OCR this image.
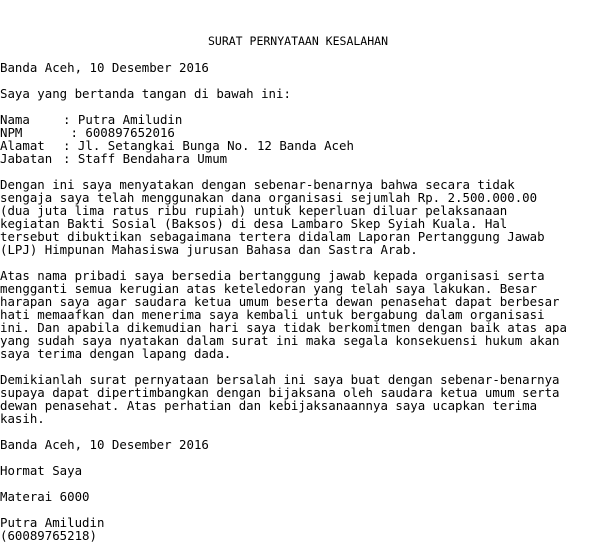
SURAT PERNYATAAN KESALAHAN
Banda Aceh, 10 Desember 2016
Saya yang bertanda tangan di bawah ini:
Nama	: Putra Amiludin
NPM	: 600897652016
Alamat : Jl. Setangkai Bunga No. 12 Banda Aceh
Jabatan : Staff Bendahara Umum
Dengan ini saya menyatakan dengan sebenar-benarnya bahwa secara tidak
sengaja saya telah menggunakan dana organisasi sejumlah Rp. 2.500.000.00
(dua juta lima ratus ribu rupiah) untuk keperluan diluar pelaksanaan
kegiatan Bakti Sosial (Baksos) di desa Lambaro Skep Syiah Kuala. Hal
tersebut dibuktikan sebagaimana tertera didalam Laporan Pertanggung Jawab
(LPJ) Himpunan Mahasiswa jurusan Bahasa dan Sastra Arab.
Atas nama pribadi saya bersedia bertanggung jawab kepada organisasi serta
mengganti semua kerugian atas keteledoran yang telah saya lakukan. Besar
harapan saya agar saudara ketua umum beserta dewan penasehat dapat berbesar
hati memaafkan dan menerima saya kembali untuk bergabung dalam organisasi
ini. Dan apabila dikemudian hari saya tidak berkomitmen dengan baik atas apa
yang sudah saya nyatakan dalam surat ini maka segala konsekuensi hukum akan
saya terima dengan lapang dada.
Demikianlah surat pernyataan bersalah ini saya buat dengan sebenar-benarnya
supaya dapat dipertimbangkan dengan bijaksana oleh saudara ketua umum serta
dewan penasehat. Atas perhatian dan kebijaksanaannya saya ucapkan terima
kasih.
Banda Aceh, 10 Desember 2016
Hormat Saya
Materai 6000
Putra Amiludin
(60089765218)
